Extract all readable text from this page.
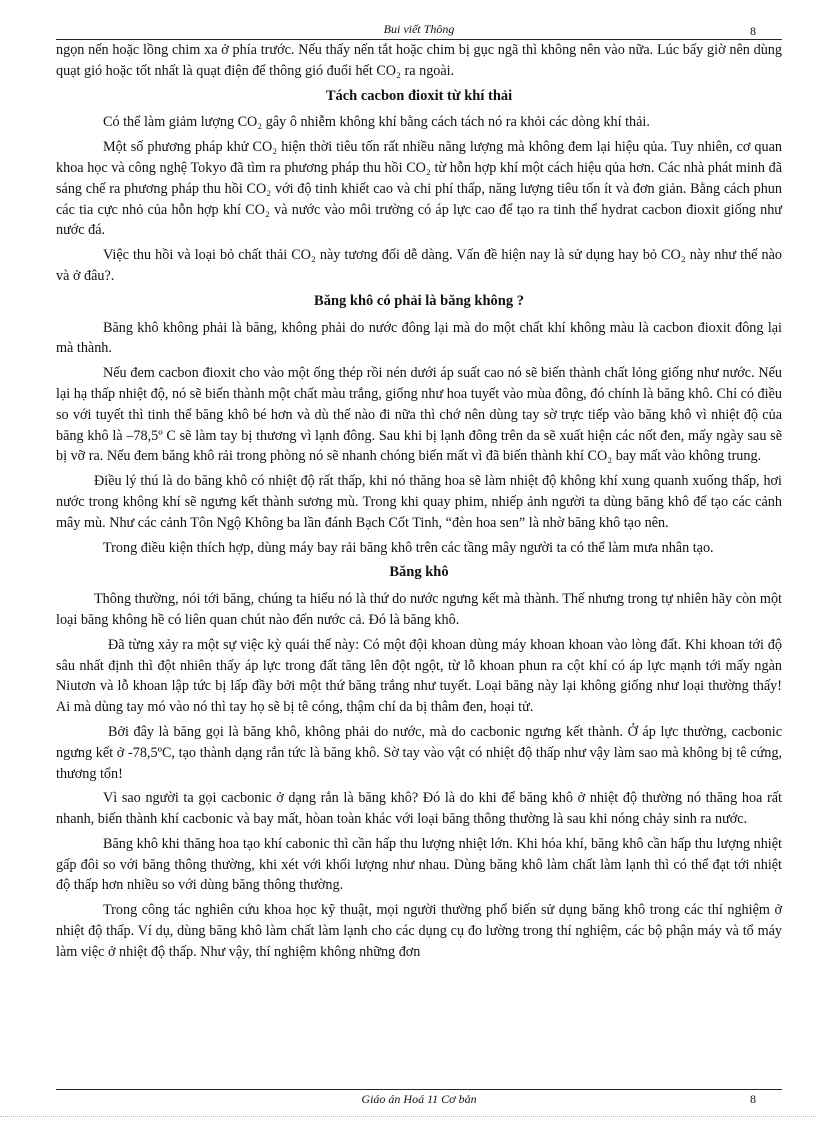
Bui viết Thông	8

ngọn nến hoặc lồng chim xa ở phía trước. Nếu thấy nến tắt hoặc chim bị gục ngã thì không nên vào nữa. Lúc bấy giờ nên dùng quạt gió hoặc tốt nhất là quạt điện để thông gió đuổi hết CO₂ ra ngoài.

Tách cacbon đioxit từ khí thải

Có thể làm giảm lượng CO₂ gây ô nhiễm không khí bằng cách tách nó ra khỏi các dòng khí thải.

Một số phương pháp khử CO₂ hiện thời tiêu tốn rất nhiều năng lượng mà không đem lại hiệu qủa. Tuy nhiên, cơ quan khoa học và công nghệ Tokyo đã tìm ra phương pháp thu hồi CO₂ từ hỗn hợp khí một cách hiệu qủa hơn. Các nhà phát minh đã sáng chế ra phương pháp thu hồi CO₂ với độ tinh khiết cao và chi phí thấp, năng lượng tiêu tốn ít và đơn giản. Bằng cách phun các tia cực nhỏ của hỗn hợp khí CO₂ và nước vào môi trường có áp lực cao để tạo ra tinh thể hydrat cacbon đioxit giống như nước đá.

Việc thu hồi và loại bỏ chất thải CO₂ này tương đối dễ dàng. Vấn đề hiện nay là sử dụng hay bỏ CO₂ này như thế nào và ở đâu?.

Băng khô có phải là băng không ?

Băng khô không phải là băng, không phải do nước đông lại mà do một chất khí không màu là cacbon đioxit đông lại mà thành.

Nếu đem cacbon đioxit cho vào một ống thép rồi nén dưới áp suất cao nó sẽ biến thành chất lỏng giống như nước. Nếu lại hạ thấp nhiệt độ, nó sẽ biến thành một chất màu trắng, giống như hoa tuyết vào mùa đông, đó chính là băng khô. Chỉ có điều so với tuyết thì tinh thể băng khô bé hơn và dù thế nào đi nữa thì chớ nên dùng tay sờ trực tiếp vào băng khô vì nhiệt độ của băng khô là –78,5º C sẽ làm tay bị thương vì lạnh đông. Sau khi bị lạnh đông trên da sẽ xuất hiện các nốt đen, mấy ngày sau sẽ bị vỡ ra. Nếu đem băng khô rải trong phòng nó sẽ nhanh chóng biến mất vì đã biến thành khí CO₂ bay mất vào không trung.

Điều lý thú là do băng khô có nhiệt độ rất thấp, khi nó thăng hoa sẽ làm nhiệt độ không khí xung quanh xuống thấp, hơi nước trong không khí sẽ ngưng kết thành sương mù. Trong khi quay phim, nhiếp ảnh người ta dùng băng khô để tạo các cảnh mây mù. Như các cảnh Tôn Ngộ Không ba lần đánh Bạch Cốt Tinh, “đèn hoa sen” là nhờ băng khô tạo nên.

Trong điều kiện thích hợp, dùng máy bay rải băng khô trên các tầng mây người ta có thể làm mưa nhân tạo.

Băng khô

Thông thường, nói tới băng, chúng ta hiểu nó là thứ do nước ngưng kết mà thành. Thế nhưng trong tự nhiên hãy còn một loại băng không hề có liên quan chút nào đến nước cả. Đó là băng khô.

Đã từng xảy ra một sự việc kỳ quái thế này: Có một đội khoan dùng máy khoan khoan vào lòng đất. Khi khoan tới độ sâu nhất định thì đột nhiên thấy áp lực trong đất tăng lên đột ngột, từ lỗ khoan phun ra cột khí có áp lực mạnh tới mấy ngàn Niutơn và lỗ khoan lập tức bị lấp đầy bởi một thứ băng trắng như tuyết. Loại băng này lại không giống như loại thường thấy! Ai mà dùng tay mó vào nó thì tay họ sẽ bị tê cóng, thậm chí da bị thâm đen, hoại tử.

Bởi đây là băng gọi là băng khô, không phải do nước, mà do cacbonic ngưng kết thành. Ở áp lực thường, cacbonic ngưng kết ở -78,5ºC, tạo thành dạng rắn tức là băng khô. Sờ tay vào vật có nhiệt độ thấp như vậy làm sao mà không bị tê cứng, thương tổn!

Vì sao người ta gọi cacbonic ở dạng rắn là băng khô? Đó là do khi để băng khô ở nhiệt độ thường nó thăng hoa rất nhanh, biến thành khí cacbonic và bay mất, hòan toàn khác với loại băng thông thường là sau khi nóng chảy sinh ra nước.

Băng khô khi thăng hoa tạo khí cabonic thì cần hấp thu lượng nhiệt lớn. Khi hóa khí, băng khô cần hấp thu lượng nhiệt gấp đôi so với băng thông thường, khi xét với khối lượng như nhau. Dùng băng khô làm chất làm lạnh thì có thể đạt tới nhiệt độ thấp hơn nhiều so với dùng băng thông thường.

Trong công tác nghiên cứu khoa học kỹ thuật, mọi người thường phổ biến sử dụng băng khô trong các thí nghiệm ở nhiệt độ thấp. Ví dụ, dùng băng khô làm chất làm lạnh cho các dụng cụ đo lường trong thí nghiệm, các bộ phận máy và tổ máy làm việc ở nhiệt độ thấp. Như vậy, thí nghiệm không những đơn

Giáo án Hoá 11 Cơ bản	8
